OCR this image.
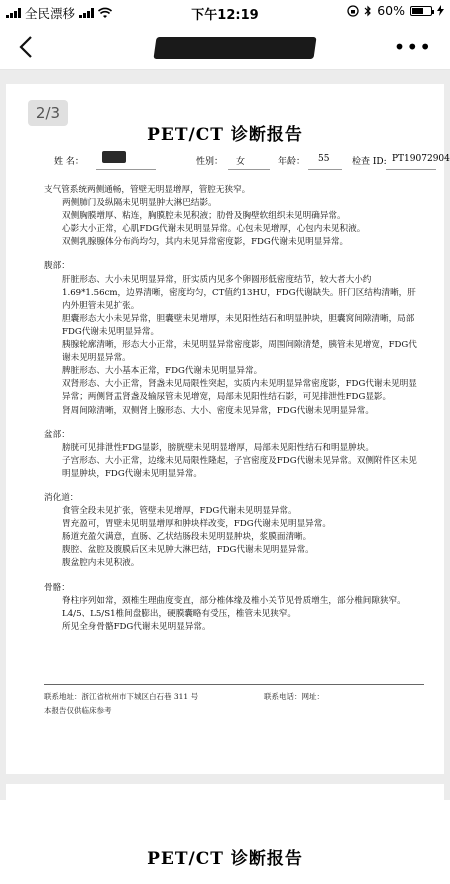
全民漂移	下午12:19	60%
•••
PET/CT 诊断报告
姓 名：	性别： 女	年龄： 55	检查 ID: PT19072904

支气管系统两侧通畅，管壁无明显增厚，管腔无狭窄。

两侧肺门及纵隔未见明显肿大淋巴结影。

双侧胸膜增厚、粘连，胸膜腔未见积液；肋骨及胸壁软组织未见明确异常。

心影大小正常，心肌FDG代谢未见明显异常。心包未见增厚，心包内未见积液。

双侧乳腺腺体分布尚均匀，其内未见异常密度影，FDG代谢未见明显异常。

腹部：

肝脏形态、大小未见明显异常，肝实质内见多个卵圆形低密度结节，较大者大小约1.69*1.56cm，边界清晰，密度均匀，CT值约13HU，FDG代谢缺失。肝门区结构清晰，肝内外胆管未见扩张。

胆囊形态大小未见异常，胆囊壁未见增厚，未见阳性结石和明显肿块，胆囊窝间隙清晰，局部FDG代谢未见明显异常。

胰腺轮廓清晰，形态大小正常，未见明显异常密度影，周围间隙清楚，胰管未见增宽，FDG代谢未见明显异常。

脾脏形态、大小基本正常，FDG代谢未见明显异常。

双肾形态、大小正常，肾盏未见局限性突起，实质内未见明显异常密度影，FDG代谢未见明显异常；两侧肾盂肾盏及输尿管未见增宽，局部未见阳性结石影，可见排泄性FDG显影。

肾周间隙清晰，双侧肾上腺形态、大小、密度未见异常，FDG代谢未见明显异常。

盆部：

膀胱可见排泄性FDG显影，膀胱壁未见明显增厚，局部未见阳性结石和明显肿块。

子宫形态、大小正常，边缘未见局限性隆起，子宫密度及FDG代谢未见异常。双侧附件区未见明显肿块，FDG代谢未见明显异常。

消化道：

食管全段未见扩张，管壁未见增厚，FDG代谢未见明显异常。

胃充盈可，胃壁未见明显增厚和肿块样改变，FDG代谢未见明显异常。

肠道充盈欠满意，直肠、乙状结肠段未见明显肿块，浆膜面清晰。

腹腔、盆腔及腹膜后区未见肿大淋巴结，FDG代谢未见明显异常。

腹盆腔内未见积液。

骨骼：

脊柱序列如常，颈椎生理曲度变直，部分椎体缘及椎小关节见骨质增生，部分椎间隙狭窄。L4/5、L5/S1椎间盘膨出，硬膜囊略有受压，椎管未见狭窄。

所见全身骨骼FDG代谢未见明显异常。

联系地址：浙江省杭州市下城区白石巷 311 号	联系电话：网址：
本报告仅供临床参考
2/3
PET/CT 诊断报告
